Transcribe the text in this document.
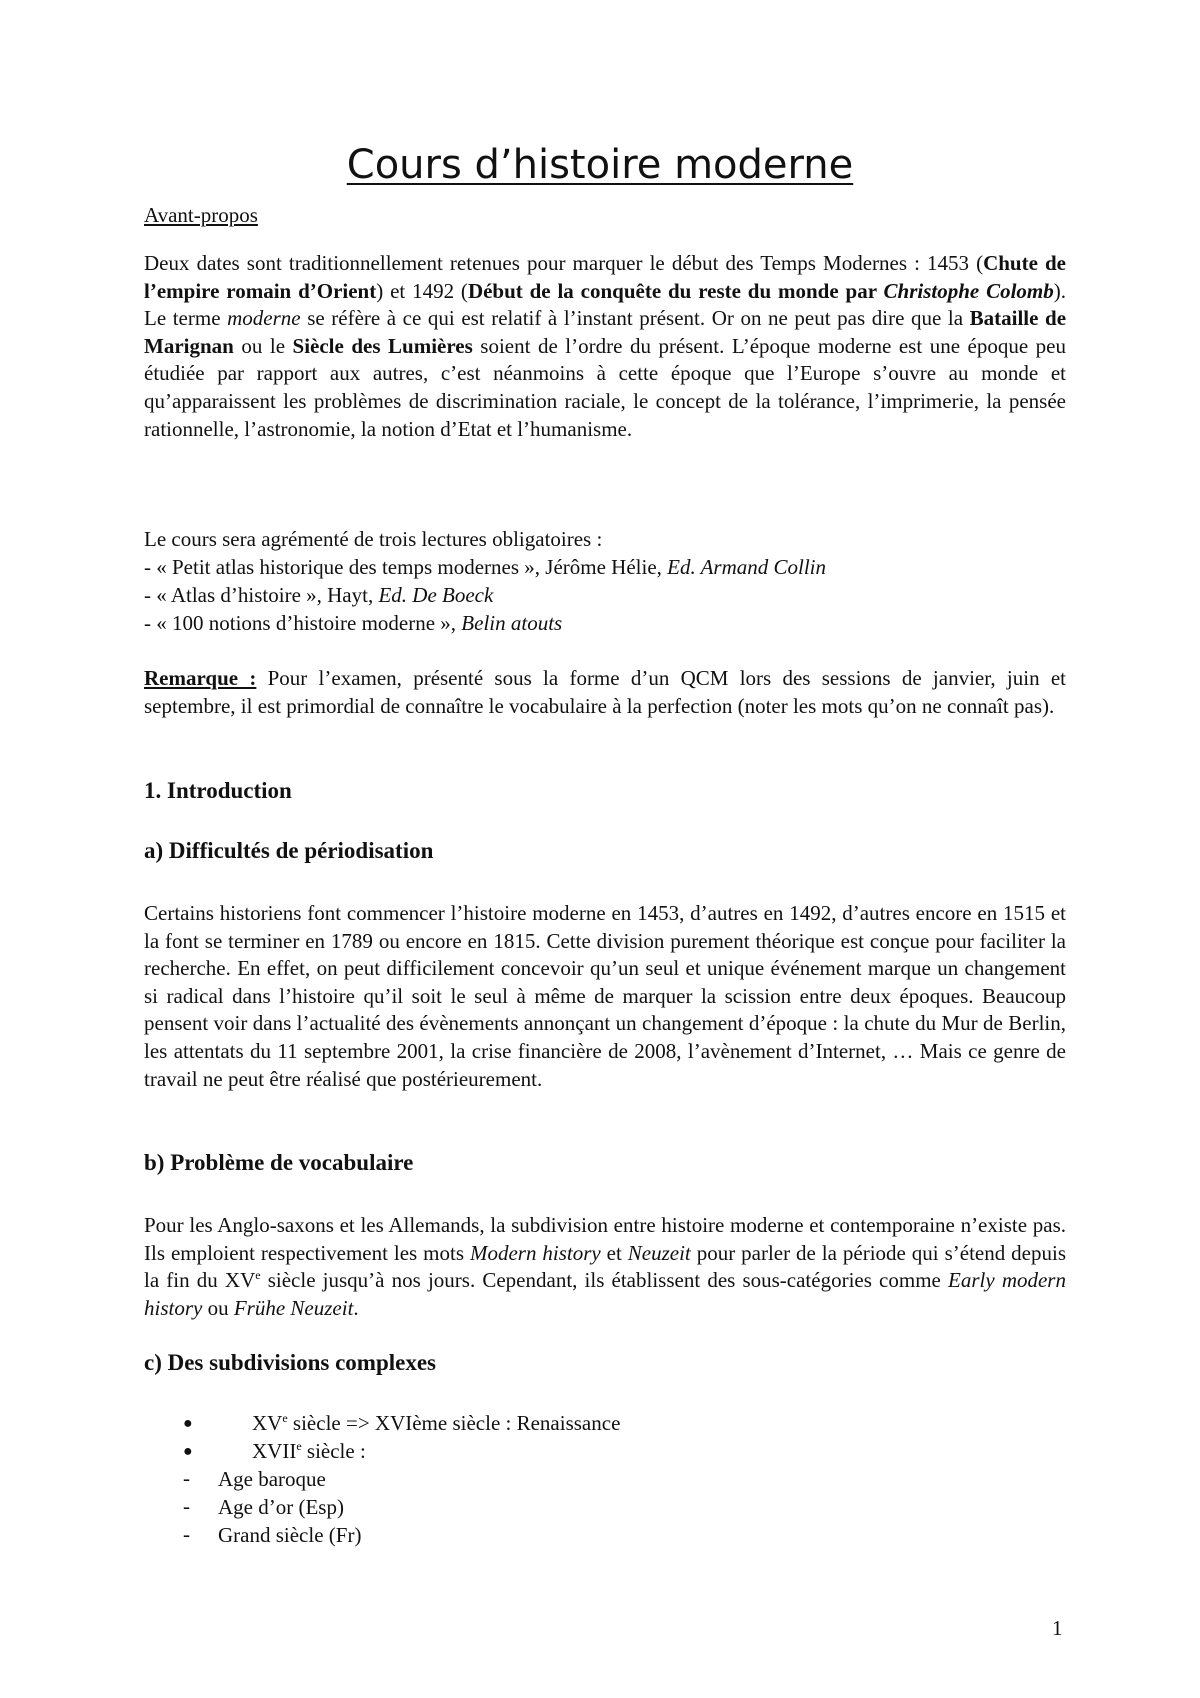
Cours d’histoire moderne
Avant-propos
Deux dates sont traditionnellement retenues pour marquer le début des Temps Modernes : 1453 (Chute de l’empire romain d’Orient) et 1492 (Début de la conquête du reste du monde par Christophe Colomb). Le terme moderne se réfère à ce qui est relatif à l’instant présent. Or on ne peut pas dire que la Bataille de Marignan ou le Siècle des Lumières soient de l’ordre du présent. L’époque moderne est une époque peu étudiée par rapport aux autres, c’est néanmoins à cette époque que l’Europe s’ouvre au monde et qu’apparaissent les problèmes de discrimination raciale, le concept de la tolérance, l’imprimerie, la pensée rationnelle, l’astronomie, la notion d’Etat et l’humanisme.
Le cours sera agrémenté de trois lectures obligatoires :
- « Petit atlas historique des temps modernes », Jérôme Hélie, Ed. Armand Collin
- « Atlas d’histoire », Hayt, Ed. De Boeck
- « 100 notions d’histoire moderne », Belin atouts
Remarque : Pour l’examen, présenté sous la forme d’un QCM lors des sessions de janvier, juin et septembre, il est primordial de connaître le vocabulaire à la perfection (noter les mots qu’on ne connaît pas).
1. Introduction
a) Difficultés de périodisation
Certains historiens font commencer l’histoire moderne en 1453, d’autres en 1492, d’autres encore en 1515 et la font se terminer en 1789 ou encore en 1815. Cette division purement théorique est conçue pour faciliter la recherche. En effet, on peut difficilement concevoir qu’un seul et unique événement marque un changement si radical dans l’histoire qu’il soit le seul à même de marquer la scission entre deux époques. Beaucoup pensent voir dans l’actualité des évènements annonçant un changement d’époque : la chute du Mur de Berlin, les attentats du 11 septembre 2001, la crise financière de 2008, l’avènement d’Internet, … Mais ce genre de travail ne peut être réalisé que postérieurement.
b) Problème de vocabulaire
Pour les Anglo-saxons et les Allemands, la subdivision entre histoire moderne et contemporaine n’existe pas. Ils emploient respectivement les mots Modern history et Neuzeit pour parler de la période qui s’étend depuis la fin du XVe siècle jusqu’à nos jours. Cependant, ils établissent des sous-catégories comme Early modern history ou Frühe Neuzeit.
c) Des subdivisions complexes
●	XVe siècle => XVIème siècle : Renaissance
●	XVIIe siècle :
- Age baroque
- Age d’or (Esp)
- Grand siècle (Fr)
1
